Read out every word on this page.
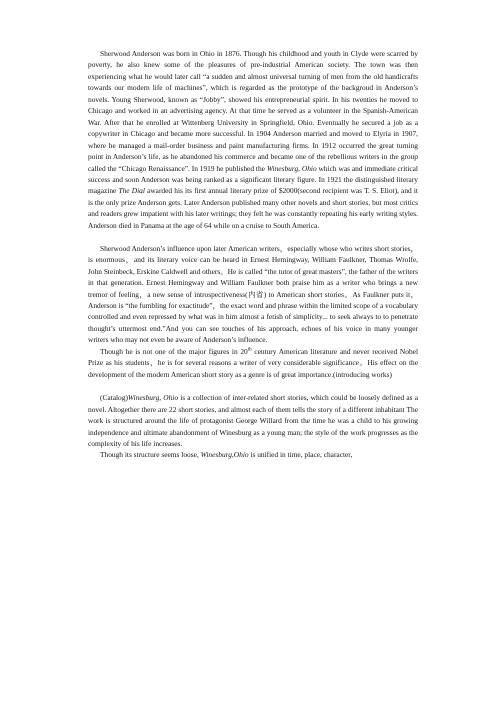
Sherwood Anderson was born in Ohio in 1876. Though his childhood and youth in Clyde were scarred by poverty, he also knew some of the pleasures of pre-industrial American society. The town was then experiencing what he would later call “a sudden and almost universal turning of men from the old handicrafts towards our modern life of machines”, which is regarded as the prototype of the backgroud in Anderson’s novels. Young Sherwood, known as “Jobby”, showed his entrepreneurial spirit. In his twenties he moved to Chicago and worked in an advertising agency. At that time he served as a volunteer in the Spanish-American War. After that he enrolled at Wittenberg University in Springfield, Ohio. Eventually he secured a job as a copywriter in Chicago and became more successful. In 1904 Anderson married and moved to Elyria in 1907, where he managed a mail-order business and paint manufacturing firms. In 1912 occurred the great turning point in Anderson’s life, as he abandoned his commerce and became one of the rebellious writers in the group called the “Chicago Renaissance”. In 1919 he published the Winesburg, Ohio which was and immediate critical success and soon Anderson was being ranked as a significant literary figure. In 1921 the distinguished literary magazine The Dial awarded his its first annual literary prize of $2000(second recipient was T. S. Eliot), and it is the only prize Anderson gets. Later Anderson published many other novels and short stories, but most critics and readers grew impatient with his later writings; they felt he was constantly repeating his early writing styles. Anderson died in Panama at the age of 64 while on a cruise to South America.

Sherwood Anderson’s influence upon later American writers，especially whose who writes short stories，is enormous，and its literary voice can be heard in Ernest Hemingway, William Faulkner, Thomas Wrolfe, John Steinbeck, Erskine Caldwell and others。He is called “the tutor of great masters”, the father of the writers in that generation. Ernest Hemingway and William Faulkner both praise him as a writer who brings a new tremor of feeling，a new sense of introspectiveness(内省) to American short stories。As Faulkner puts it，Anderson is “the fumbling for exactitude”，the exact word and phrase within the limited scope of a vocabulary controlled and even repressed by what was in him almost a fetish of simplicity... to seek always to to penetrate thought’s uttermost end.”And you can see touches of his approach, echoes of his voice in many younger writers who may not even be aware of Anderson’s influence.

Though he is not one of the major figures in 20th century American literature and never received Nobel Prize as his students，he is for several reasons a writer of very considerable significance。His effect on the development of the modern American short story as a genre is of great importance.(introducing works)

(Catalog)Winesburg, Ohio is a collection of inter-related short stories, which could be loosely defined as a novel. Altogether there are 22 short stories, and almost each of them tells the story of a different inhabitant The work is structured around the life of protagonist George Willard from the time he was a child to his growing independence and ultimate abandonment of Winesburg as a young man; the style of the work progresses as the complexity of his life increases.

Though its structure seems loose, Winesburg,Ohio is unified in time, place, character,
